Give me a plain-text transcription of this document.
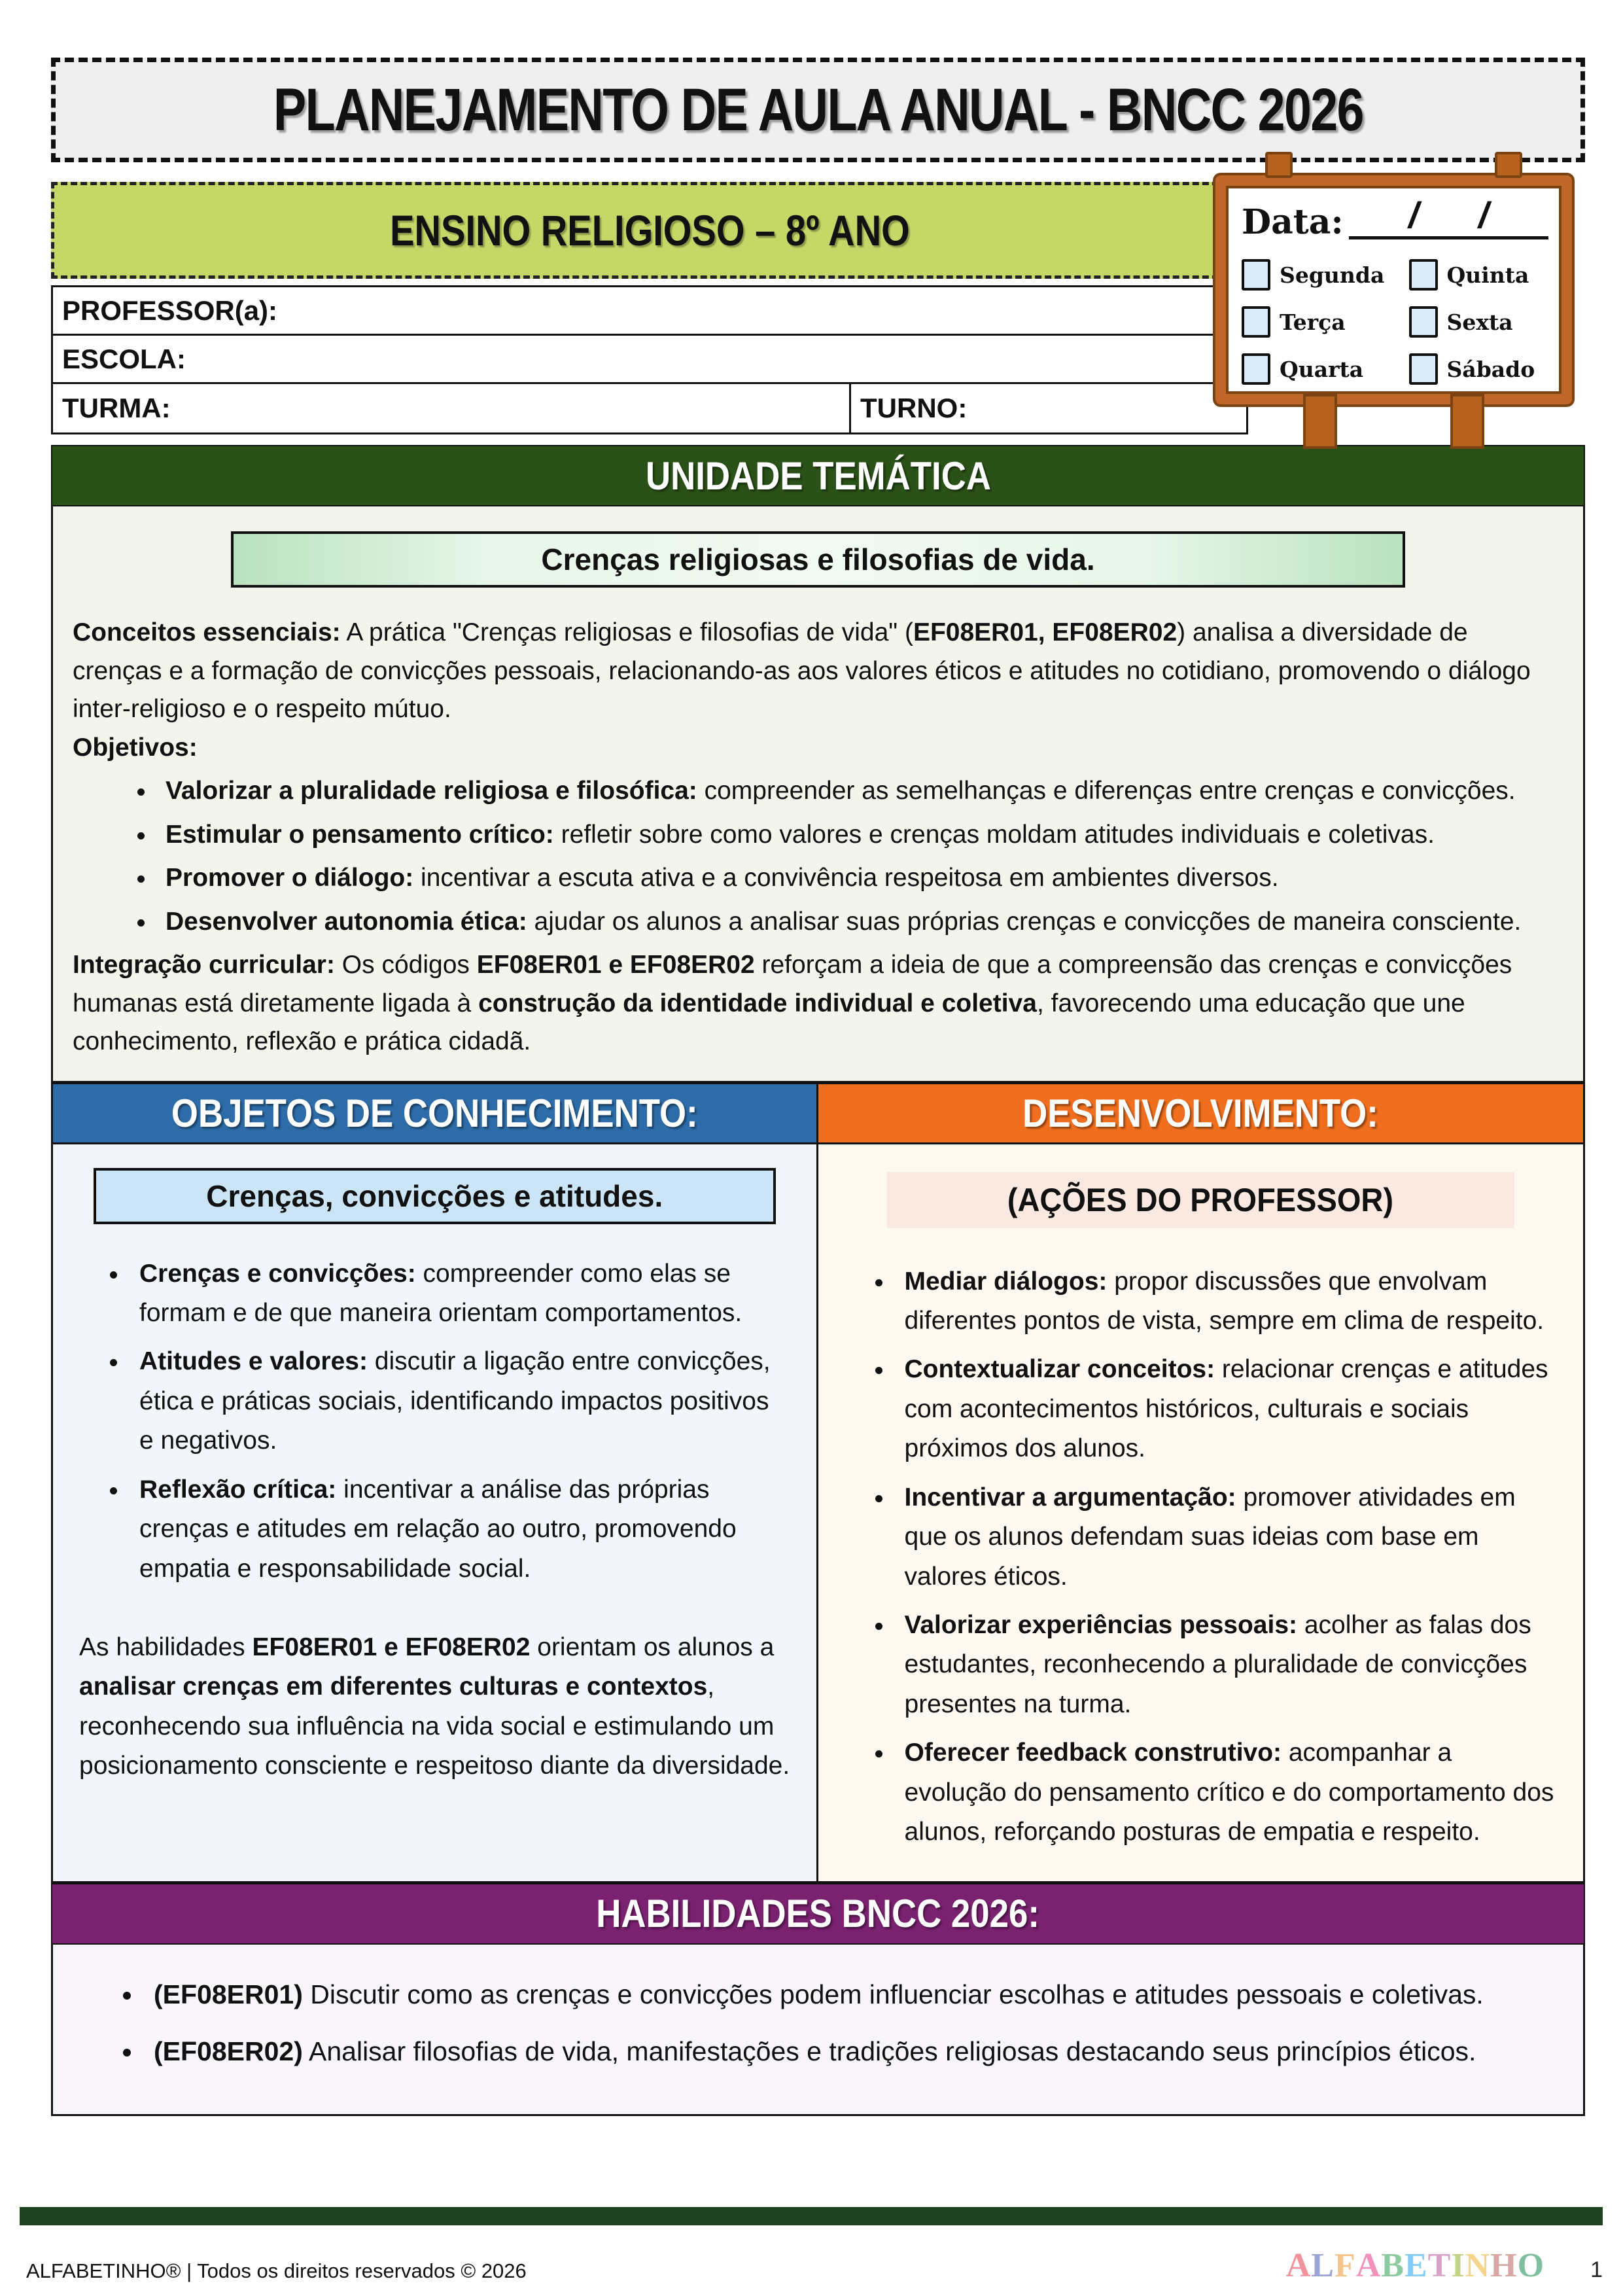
PLANEJAMENTO DE AULA ANUAL - BNCC 2026
ENSINO RELIGIOSO – 8º ANO
PROFESSOR(a):
ESCOLA:
TURMA:	TURNO:
UNIDADE TEMÁTICA
Crenças religiosas e filosofias de vida.

Conceitos essenciais: A prática "Crenças religiosas e filosofias de vida" (EF08ER01, EF08ER02) analisa a diversidade de crenças e a formação de convicções pessoais, relacionando-as aos valores éticos e atitudes no cotidiano, promovendo o diálogo inter-religioso e o respeito mútuo.

Objetivos:

• Valorizar a pluralidade religiosa e filosófica: compreender as semelhanças e diferenças entre crenças e convicções.
• Estimular o pensamento crítico: refletir sobre como valores e crenças moldam atitudes individuais e coletivas.
• Promover o diálogo: incentivar a escuta ativa e a convivência respeitosa em ambientes diversos.
• Desenvolver autonomia ética: ajudar os alunos a analisar suas próprias crenças e convicções de maneira consciente.

Integração curricular: Os códigos EF08ER01 e EF08ER02 reforçam a ideia de que a compreensão das crenças e convicções humanas está diretamente ligada à construção da identidade individual e coletiva, favorecendo uma educação que une conhecimento, reflexão e prática cidadã.

OBJETOS DE CONHECIMENTO:
Crenças, convicções e atitudes.
• Crenças e convicções: compreender como elas se formam e de que maneira orientam comportamentos.
• Atitudes e valores: discutir a ligação entre convicções, ética e práticas sociais, identificando impactos positivos e negativos.
• Reflexão crítica: incentivar a análise das próprias crenças e atitudes em relação ao outro, promovendo empatia e responsabilidade social.

As habilidades EF08ER01 e EF08ER02 orientam os alunos a analisar crenças em diferentes culturas e contextos, reconhecendo sua influência na vida social e estimulando um posicionamento consciente e respeitoso diante da diversidade.

DESENVOLVIMENTO:
(AÇÕES DO PROFESSOR)
• Mediar diálogos: propor discussões que envolvam diferentes pontos de vista, sempre em clima de respeito.
• Contextualizar conceitos: relacionar crenças e atitudes com acontecimentos históricos, culturais e sociais próximos dos alunos.
• Incentivar a argumentação: promover atividades em que os alunos defendam suas ideias com base em valores éticos.
• Valorizar experiências pessoais: acolher as falas dos estudantes, reconhecendo a pluralidade de convicções presentes na turma.
• Oferecer feedback construtivo: acompanhar a evolução do pensamento crítico e do comportamento dos alunos, reforçando posturas de empatia e respeito.
HABILIDADES BNCC 2026:
• (EF08ER01) Discutir como as crenças e convicções podem influenciar escolhas e atitudes pessoais e coletivas.
• (EF08ER02) Analisar filosofias de vida, manifestações e tradições religiosas destacando seus princípios éticos.
Data: / /
Segunda	Quinta
Terça	Sexta
Quarta	Sábado
ALFABETINHO® | Todos os direitos reservados © 2026	A L F A B E T I N H O 1
